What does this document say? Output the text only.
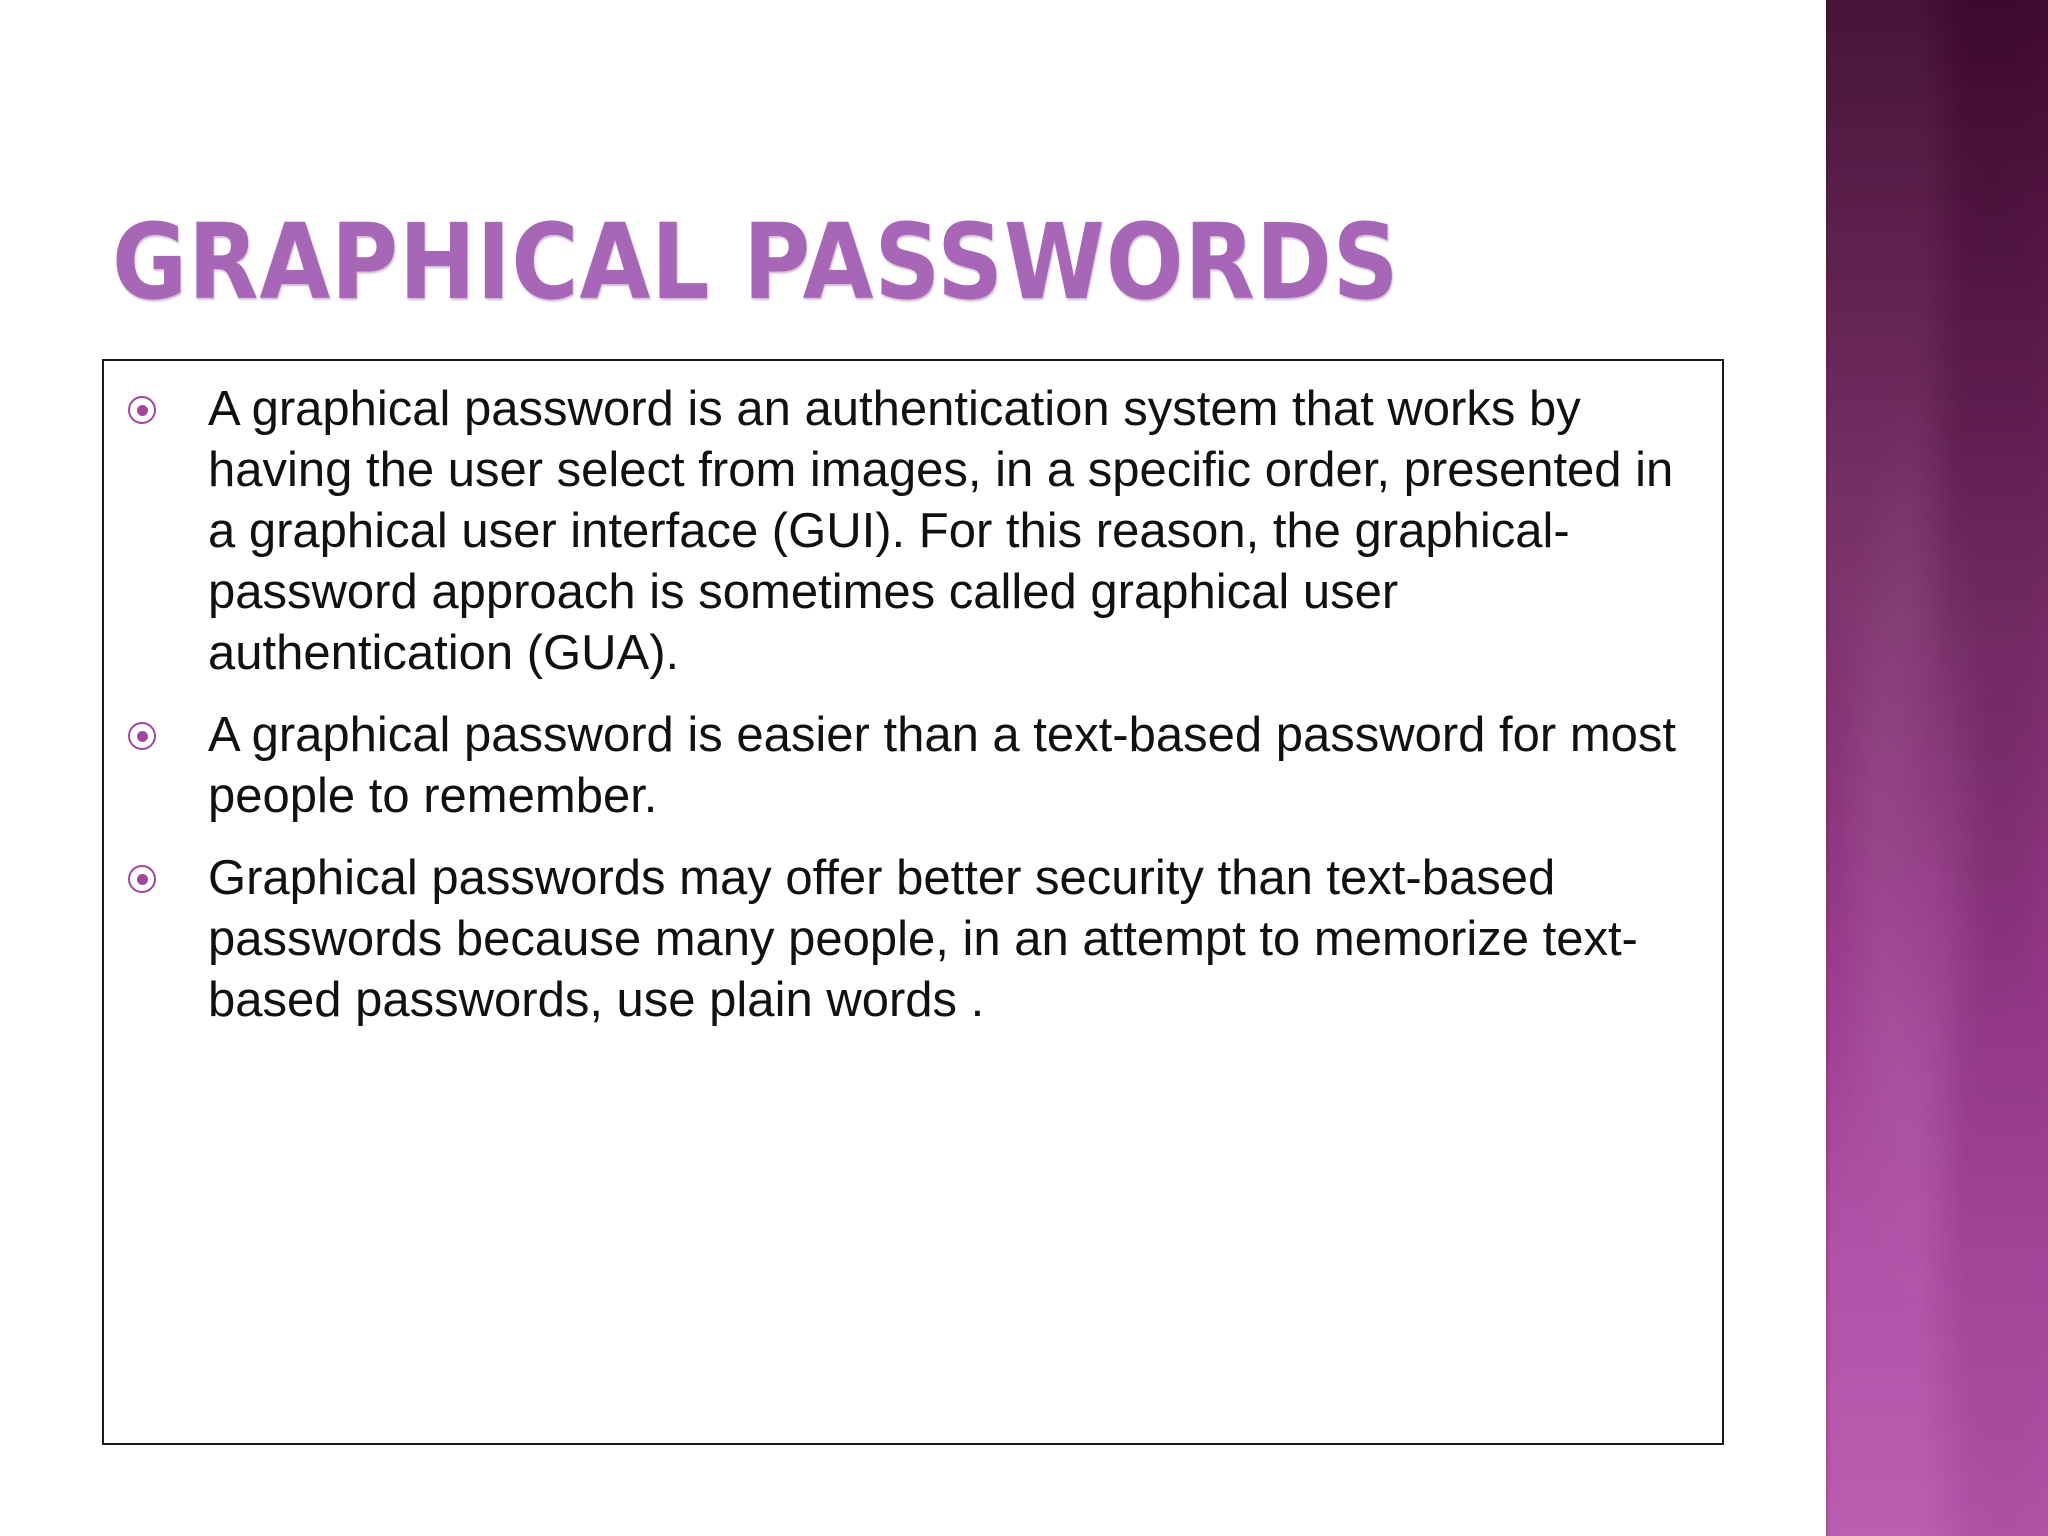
GRAPHICAL PASSWORDS
A graphical password is an authentication system that works by having the user select from images, in a specific order, presented in a graphical user interface (GUI). For this reason, the graphical-password approach is sometimes called graphical user authentication (GUA).
A graphical password is easier than a text-based password for most people to remember.
Graphical passwords may offer better security than text-based passwords because many people, in an attempt to memorize text-based passwords, use plain words .
